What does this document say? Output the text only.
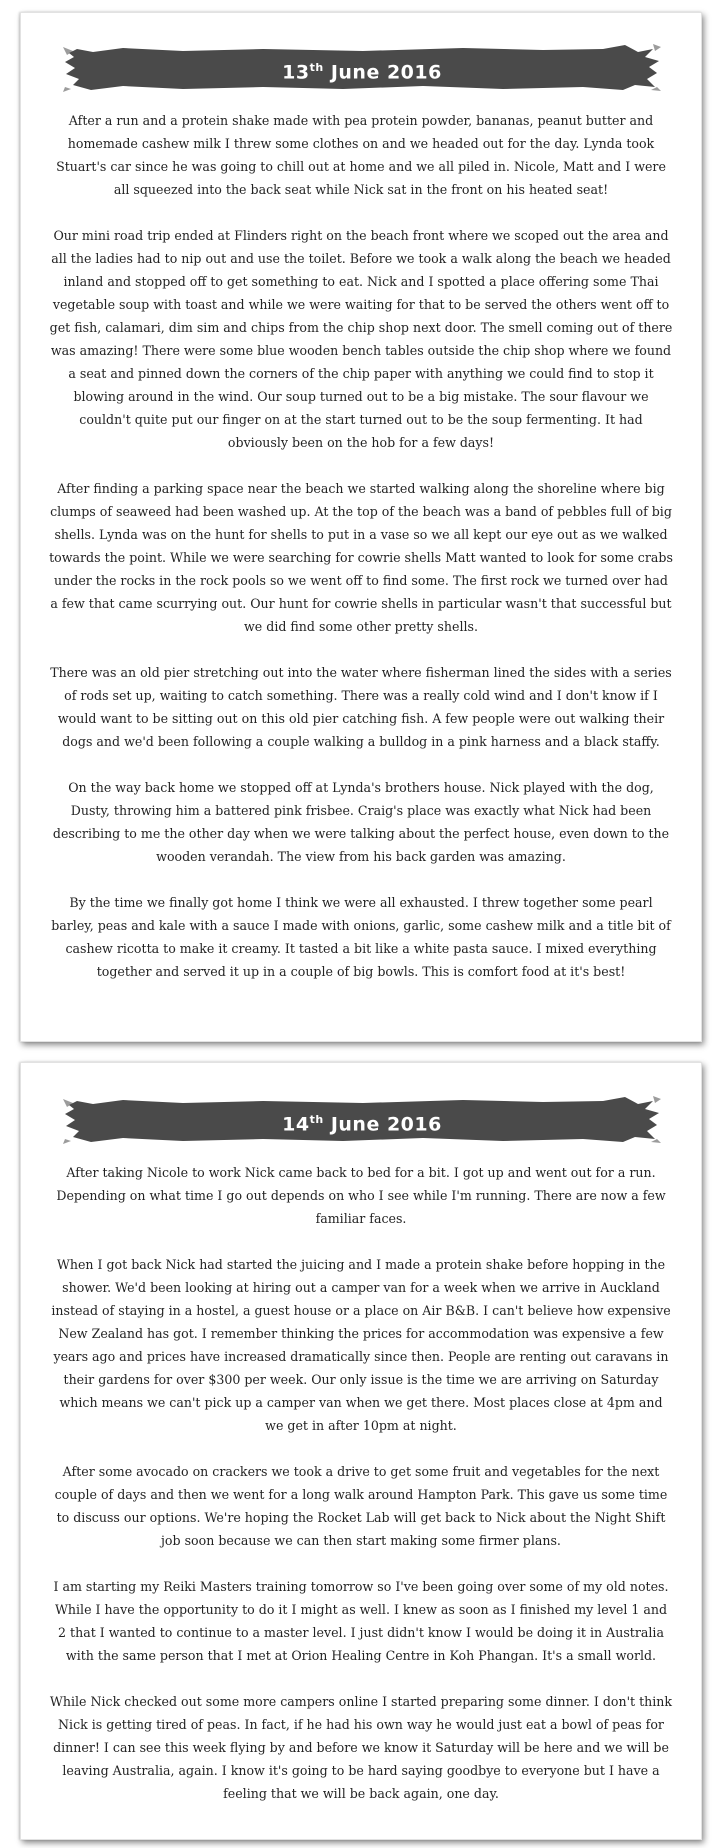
13th June 2016

After a run and a protein shake made with pea protein powder, bananas, peanut butter and homemade cashew milk I threw some clothes on and we headed out for the day. Lynda took Stuart's car since he was going to chill out at home and we all piled in. Nicole, Matt and I were all squeezed into the back seat while Nick sat in the front on his heated seat!

Our mini road trip ended at Flinders right on the beach front where we scoped out the area and all the ladies had to nip out and use the toilet. Before we took a walk along the beach we headed inland and stopped off to get something to eat. Nick and I spotted a place offering some Thai vegetable soup with toast and while we were waiting for that to be served the others went off to get fish, calamari, dim sim and chips from the chip shop next door. The smell coming out of there was amazing! There were some blue wooden bench tables outside the chip shop where we found a seat and pinned down the corners of the chip paper with anything we could find to stop it blowing around in the wind. Our soup turned out to be a big mistake. The sour flavour we couldn't quite put our finger on at the start turned out to be the soup fermenting. It had obviously been on the hob for a few days!

After finding a parking space near the beach we started walking along the shoreline where big clumps of seaweed had been washed up. At the top of the beach was a band of pebbles full of big shells. Lynda was on the hunt for shells to put in a vase so we all kept our eye out as we walked towards the point. While we were searching for cowrie shells Matt wanted to look for some crabs under the rocks in the rock pools so we went off to find some. The first rock we turned over had a few that came scurrying out. Our hunt for cowrie shells in particular wasn't that successful but we did find some other pretty shells.

There was an old pier stretching out into the water where fisherman lined the sides with a series of rods set up, waiting to catch something. There was a really cold wind and I don't know if I would want to be sitting out on this old pier catching fish. A few people were out walking their dogs and we'd been following a couple walking a bulldog in a pink harness and a black staffy.

On the way back home we stopped off at Lynda's brothers house. Nick played with the dog, Dusty, throwing him a battered pink frisbee. Craig's place was exactly what Nick had been describing to me the other day when we were talking about the perfect house, even down to the wooden verandah. The view from his back garden was amazing.

By the time we finally got home I think we were all exhausted. I threw together some pearl barley, peas and kale with a sauce I made with onions, garlic, some cashew milk and a title bit of cashew ricotta to make it creamy. It tasted a bit like a white pasta sauce. I mixed everything together and served it up in a couple of big bowls. This is comfort food at it's best!

14th June 2016

After taking Nicole to work Nick came back to bed for a bit. I got up and went out for a run. Depending on what time I go out depends on who I see while I'm running. There are now a few familiar faces.

When I got back Nick had started the juicing and I made a protein shake before hopping in the shower. We'd been looking at hiring out a camper van for a week when we arrive in Auckland instead of staying in a hostel, a guest house or a place on Air B&B. I can't believe how expensive New Zealand has got. I remember thinking the prices for accommodation was expensive a few years ago and prices have increased dramatically since then. People are renting out caravans in their gardens for over $300 per week. Our only issue is the time we are arriving on Saturday which means we can't pick up a camper van when we get there. Most places close at 4pm and we get in after 10pm at night.

After some avocado on crackers we took a drive to get some fruit and vegetables for the next couple of days and then we went for a long walk around Hampton Park. This gave us some time to discuss our options. We're hoping the Rocket Lab will get back to Nick about the Night Shift job soon because we can then start making some firmer plans.

I am starting my Reiki Masters training tomorrow so I've been going over some of my old notes. While I have the opportunity to do it I might as well. I knew as soon as I finished my level 1 and 2 that I wanted to continue to a master level. I just didn't know I would be doing it in Australia with the same person that I met at Orion Healing Centre in Koh Phangan. It's a small world.

While Nick checked out some more campers online I started preparing some dinner. I don't think Nick is getting tired of peas. In fact, if he had his own way he would just eat a bowl of peas for dinner! I can see this week flying by and before we know it Saturday will be here and we will be leaving Australia, again. I know it's going to be hard saying goodbye to everyone but I have a feeling that we will be back again, one day.
